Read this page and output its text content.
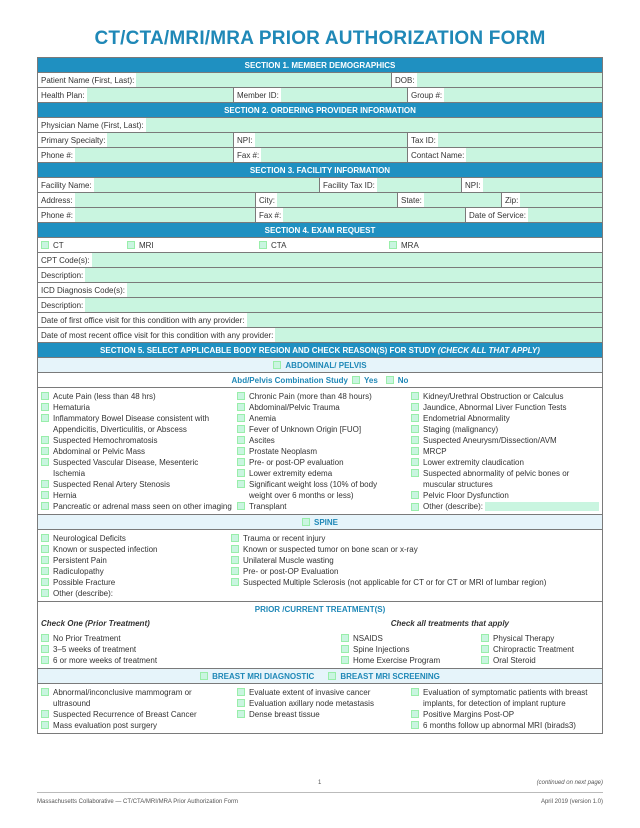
CT/CTA/MRI/MRA PRIOR AUTHORIZATION FORM
SECTION 1. MEMBER DEMOGRAPHICS
Patient Name (First, Last):	DOB:
Health Plan:	Member ID:	Group #:
SECTION 2. ORDERING PROVIDER INFORMATION
Physician Name (First, Last):
Primary Specialty:	NPI:	Tax ID:
Phone #:	Fax #:	Contact Name:
SECTION 3. FACILITY INFORMATION
Facility Name:	Facility Tax ID:	NPI:
Address:	City:	State:	Zip:
Phone #:	Fax #:	Date of Service:
SECTION 4. EXAM REQUEST
CT	MRI	CTA	MRA
CPT Code(s):
Description:
ICD Diagnosis Code(s):
Description:
Date of first office visit for this condition with any provider:
Date of most recent office visit for this condition with any provider:
SECTION 5. SELECT APPLICABLE BODY REGION AND CHECK REASON(S) FOR STUDY (CHECK ALL THAT APPLY)
ABDOMINAL/ PELVIS
Abd/Pelvis Combination Study Yes	No
Acute Pain (less than 48 hrs)
Hematuria
Inflammatory Bowel Disease consistent with
Appendicitis, Diverticulitis, or Abscess
Suspected Hemochromatosis
Abdominal or Pelvic Mass
Suspected Vascular Disease, Mesenteric
Ischemia
Suspected Renal Artery Stenosis
Hernia
Pancreatic or adrenal mass seen on other imaging
Chronic Pain (more than 48 hours)
Abdominal/Pelvic Trauma
Anemia
Fever of Unknown Origin [FUO]
Ascites
Prostate Neoplasm
Pre- or post-OP evaluation
Lower extremity edema
Significant weight loss (10% of body
weight over 6 months or less)
Transplant
Kidney/Urethral Obstruction or Calculus
Jaundice, Abnormal Liver Function Tests
Endometrial Abnormality
Staging (malignancy)
Suspected Aneurysm/Dissection/AVM
MRCP
Lower extremity claudication
Suspected abnormality of pelvic bones or
muscular structures
Pelvic Floor Dysfunction
Other (describe):
SPINE
Neurological Deficits
Known or suspected infection
Persistent Pain
Radiculopathy
Possible Fracture
Other (describe):
Trauma or recent injury
Known or suspected tumor on bone scan or x-ray
Unilateral Muscle wasting
Pre- or post-OP Evaluation
Suspected Multiple Sclerosis (not applicable for CT or for CT or MRI of lumbar region)
PRIOR /CURRENT TREATMENT(S)
Check One (Prior Treatment)	Check all treatments that apply
No Prior Treatment
3–5 weeks of treatment
6 or more weeks of treatment
NSAIDS
Spine Injections
Home Exercise Program
Physical Therapy
Chiropractic Treatment
Oral Steroid
BREAST MRI DIAGNOSTIC	BREAST MRI SCREENING
Abnormal/inconclusive mammogram or
ultrasound
Suspected Recurrence of Breast Cancer
Mass evaluation post surgery
Evaluate extent of invasive cancer
Evaluation axillary node metastasis
Dense breast tissue
Evaluation of symptomatic patients with breast
implants, for detection of implant rupture
Positive Margins Post-OP
6 months follow up abnormal MRI (birads3)
1	(continued on next page)
Massachusetts Collaborative — CT/CTA/MRI/MRA Prior Authorization Form	April 2019 (version 1.0)
